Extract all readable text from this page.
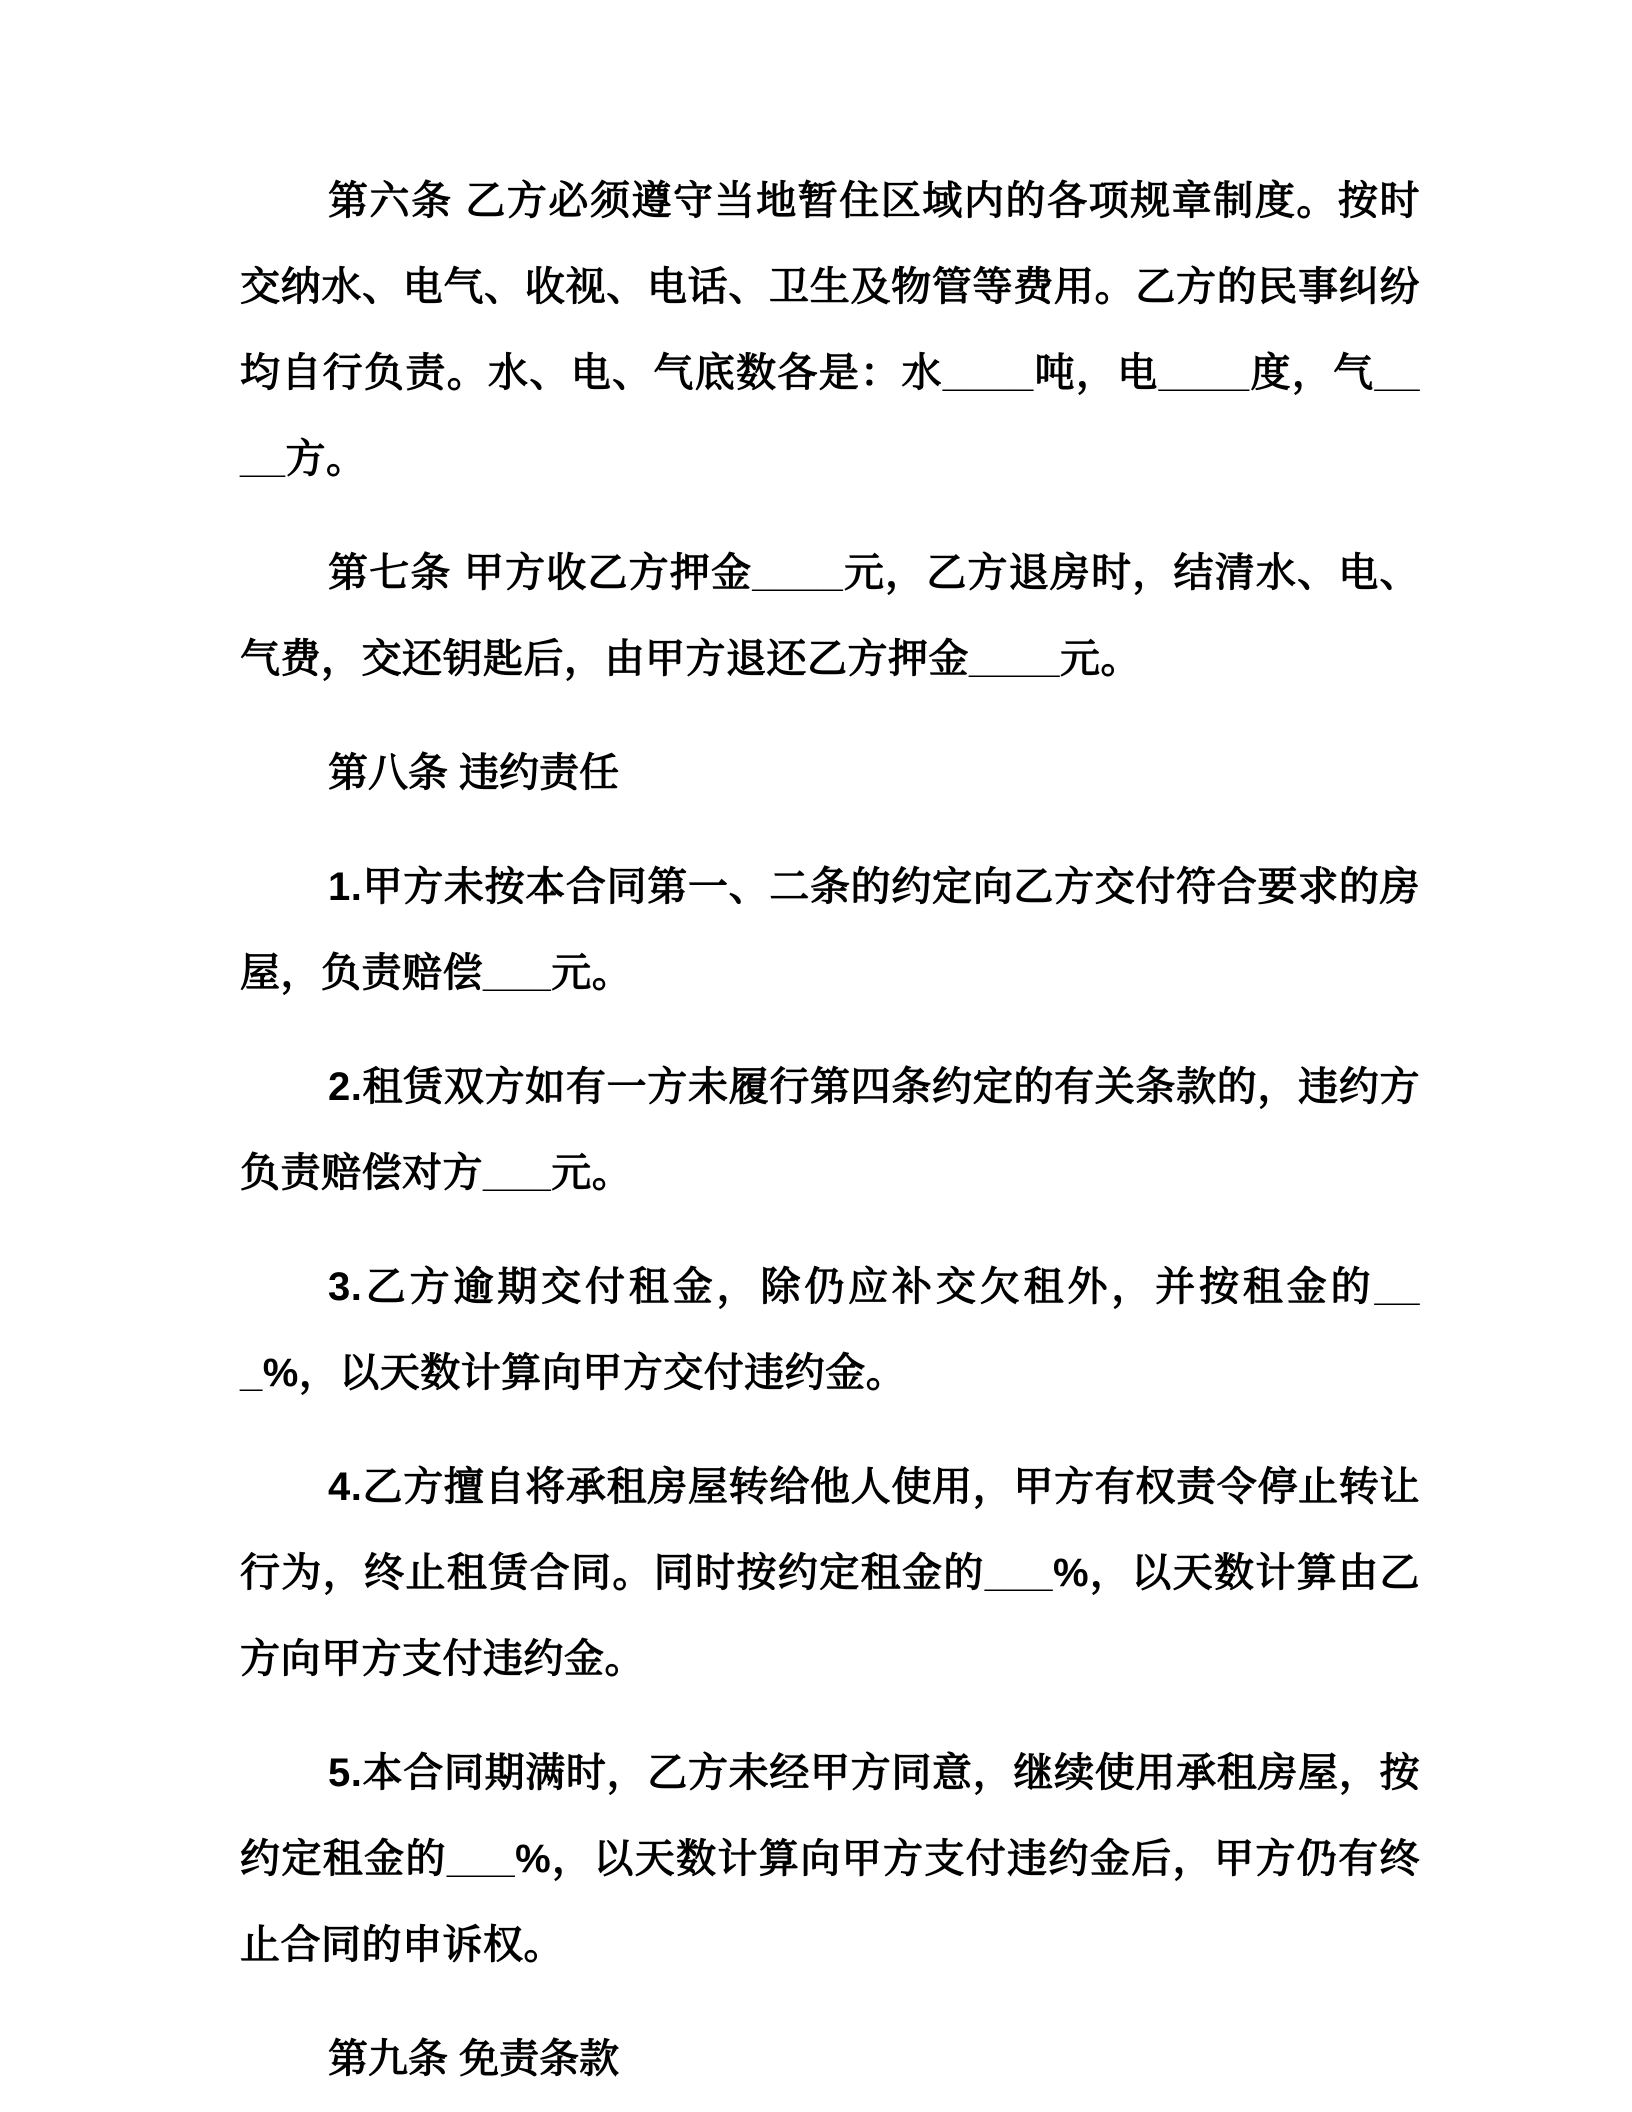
第六条 乙方必须遵守当地暂住区域内的各项规章制度。按时交纳水、电气、收视、电话、卫生及物管等费用。乙方的民事纠纷均自行负责。水、电、气底数各是：水____吨，电____度，气____方。

第七条 甲方收乙方押金____元，乙方退房时，结清水、电、气费，交还钥匙后，由甲方退还乙方押金____元。

第八条 违约责任

1.甲方未按本合同第一、二条的约定向乙方交付符合要求的房屋，负责赔偿___元。

2.租赁双方如有一方未履行第四条约定的有关条款的，违约方负责赔偿对方___元。

3.乙方逾期交付租金，除仍应补交欠租外，并按租金的___%，以天数计算向甲方交付违约金。

4.乙方擅自将承租房屋转给他人使用，甲方有权责令停止转让行为，终止租赁合同。同时按约定租金的___%，以天数计算由乙方向甲方支付违约金。

5.本合同期满时，乙方未经甲方同意，继续使用承租房屋，按约定租金的___%，以天数计算向甲方支付违约金后，甲方仍有终止合同的申诉权。

第九条 免责条款
